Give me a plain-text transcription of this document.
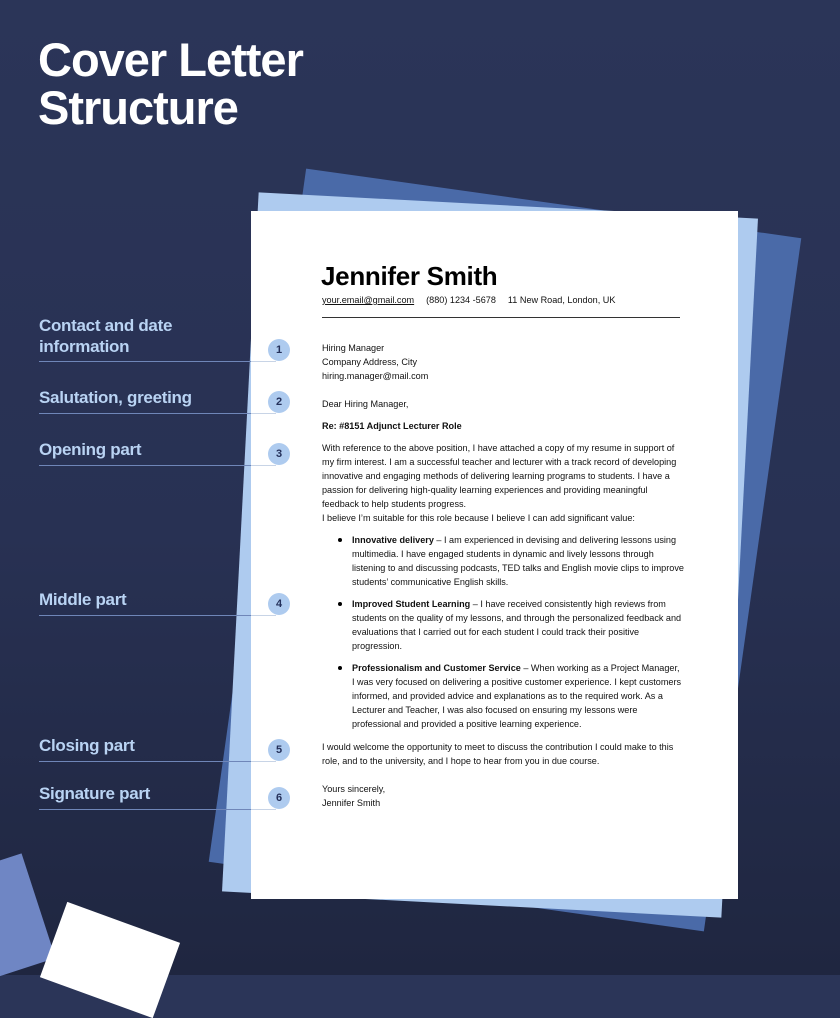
Cover Letter
Structure
Contact and date information
Salutation, greeting
Opening part
Middle part
Closing part
Signature part
1
2
3
4
5
6
Jennifer Smith
your.email@gmail.com (880) 1234 -5678 11 New Road, London, UK
Hiring Manager
Company Address, City
hiring.manager@mail.com
Dear Hiring Manager,
Re: #8151 Adjunct Lecturer Role
With reference to the above position, I have attached a copy of my resume in support of my firm interest. I am a successful teacher and lecturer with a track record of developing innovative and engaging methods of delivering learning programs to students. I have a passion for delivering high-quality learning experiences and providing meaningful feedback to help students progress.
I believe I’m suitable for this role because I believe I can add significant value:
Innovative delivery – I am experienced in devising and delivering lessons using multimedia. I have engaged students in dynamic and lively lessons through listening to and discussing podcasts, TED talks and English movie clips to improve students’ communicative English skills.
Improved Student Learning – I have received consistently high reviews from students on the quality of my lessons, and through the personalized feedback and evaluations that I carried out for each student I could track their positive progression.
Professionalism and Customer Service – When working as a Project Manager, I was very focused on delivering a positive customer experience. I kept customers informed, and provided advice and explanations as to the required work. As a Lecturer and Teacher, I was also focused on ensuring my lessons were professional and provided a positive learning experience.
I would welcome the opportunity to meet to discuss the contribution I could make to this role, and to the university, and I hope to hear from you in due course.
Yours sincerely,
Jennifer Smith
